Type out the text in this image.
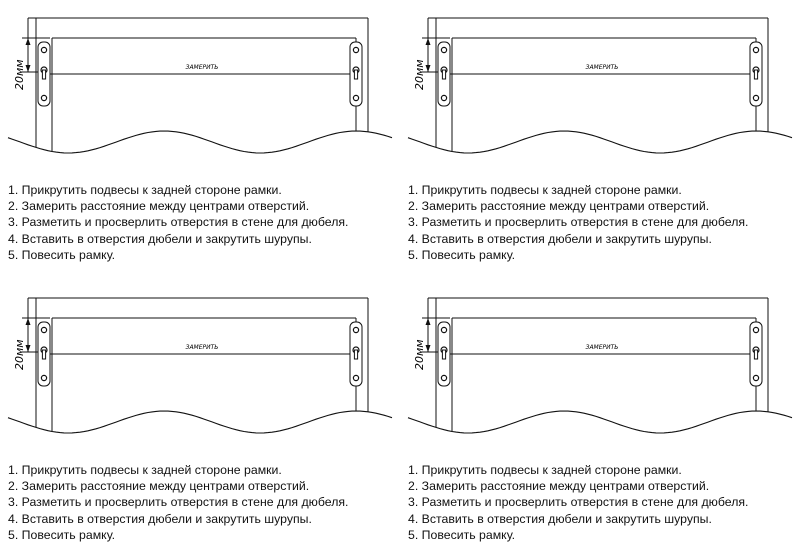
20мм	ЗАМЕРИТЬ
1. Прикрутить подвесы к задней стороне рамки.
2. Замерить расстояние между центрами отверстий.
3. Разметить и просверлить отверстия в стене для дюбеля.
4. Вставить в отверстия дюбели и закрутить шурупы.
5. Повесить рамку.
20мм	ЗАМЕРИТЬ
1. Прикрутить подвесы к задней стороне рамки.
2. Замерить расстояние между центрами отверстий.
3. Разметить и просверлить отверстия в стене для дюбеля.
4. Вставить в отверстия дюбели и закрутить шурупы.
5. Повесить рамку.
20мм	ЗАМЕРИТЬ
1. Прикрутить подвесы к задней стороне рамки.
2. Замерить расстояние между центрами отверстий.
3. Разметить и просверлить отверстия в стене для дюбеля.
4. Вставить в отверстия дюбели и закрутить шурупы.
5. Повесить рамку.
20мм	ЗАМЕРИТЬ
1. Прикрутить подвесы к задней стороне рамки.
2. Замерить расстояние между центрами отверстий.
3. Разметить и просверлить отверстия в стене для дюбеля.
4. Вставить в отверстия дюбели и закрутить шурупы.
5. Повесить рамку.
